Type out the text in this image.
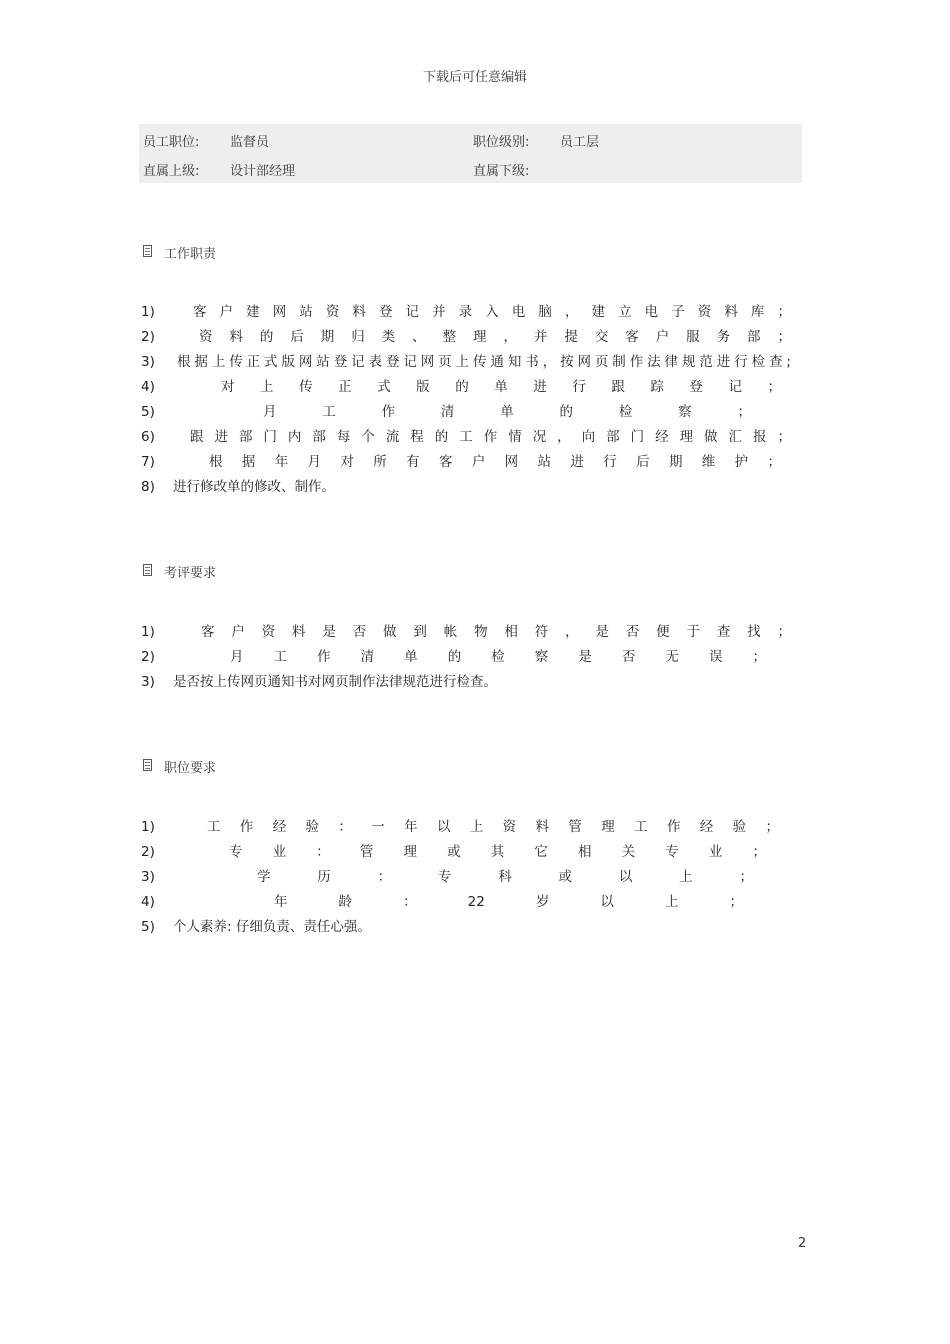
下载后可任意编辑
员工职位: 监督员	职位级别: 员工层
直属上级: 设计部经理	直属下级:
工作职责
1)	客户建网站资料登记并录入电脑，建立电子资料库；
2)	资料的后期归类、整理，并提交客户服务部；
3)	根据上传正式版网站登记表登记网页上传通知书，按网页制作法律规范进行检查;
4)	对上传正式版的单进行跟踪登记；
5)	月工作清单的检察；
6)	跟进部门内部每个流程的工作情况，向部门经理做汇报；
7)	根据年月对所有客户网站进行后期维护；
8)	进行修改单的修改、制作。
考评要求
1)	客户资料是否做到帐物相符，是否便于查找；
2)	月工作清单的检察是否无误；
3)	是否按上传网页通知书对网页制作法律规范进行检查。
职位要求
1)	工作经验：一年以上资料管理工作经验；
2)	专业：管理或其它相关专业；
3)	学历：专科或以上；
4)	年龄：22岁以上；
5)	个人素养: 仔细负责、责任心强。
2
